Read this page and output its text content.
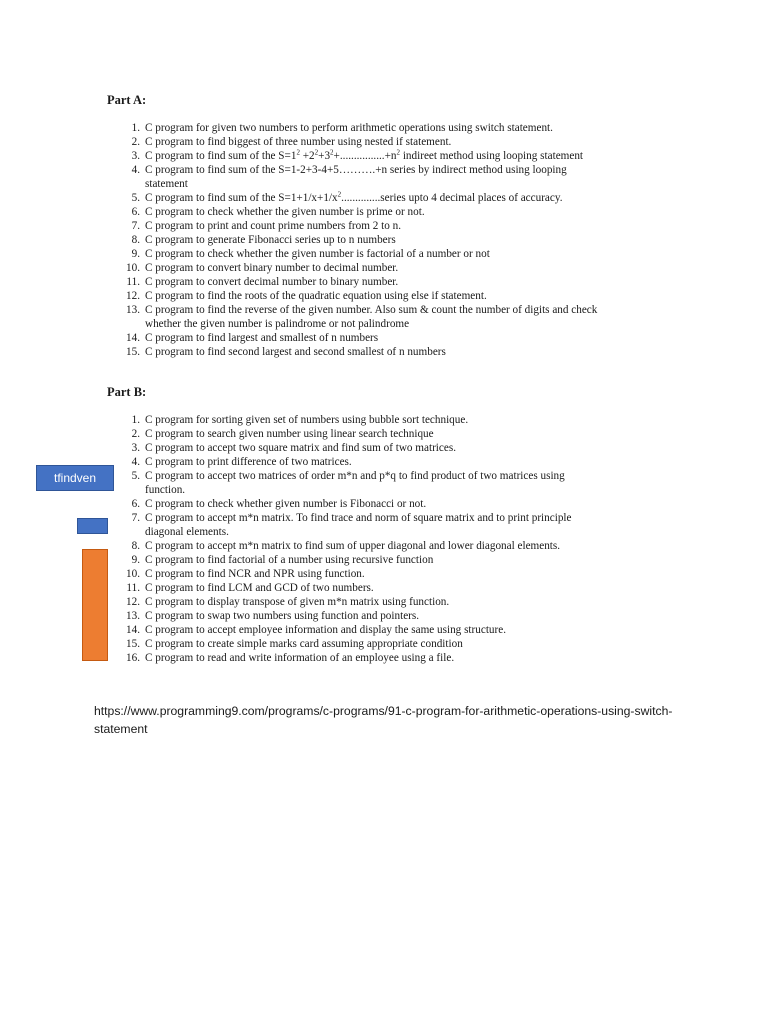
Part A:
1. C program for given two numbers to perform arithmetic operations using switch statement.
2. C program to find biggest of three number using nested if statement.
3. C program to find sum of the $S=1^2 +2^2+3^2+................+n^2$ indireet method using looping statement
4. C program to find sum of the S=1-2+3-4+5……….+n series by indirect method using looping
statement
5. C program to find sum of the $S=1+1/x+1/x^2..............series$ upto 4 decimal places of accuracy.
6. C program to check whether the given number is prime or not.
7. C program to print and count prime numbers from 2 to n.
8. C program to generate Fibonacci series up to n numbers
9. C program to check whether the given number is factorial of a number or not
10. C program to convert binary number to decimal number.
11. C program to convert decimal number to binary number.
12. C program to find the roots of the quadratic equation using else if statement.
13. C program to find the reverse of the given number. Also sum & count the number of digits and check
whether the given number is palindrome or not palindrome
14. C program to find largest and smallest of n numbers
15. C program to find second largest and second smallest of n numbers
Part B:
1. C program for sorting given set of numbers using bubble sort technique.
2. C program to search given number using linear search technique
3. C program to accept two square matrix and find sum of two matrices.
4. C program to print difference of two matrices.
5. C program to accept two matrices of order m*n and p*q to find product of two matrices using
function.
6. C program to check whether given number is Fibonacci or not.
7. C program to accept m*n matrix. To find trace and norm of square matrix and to print principle
diagonal elements.
8. C program to accept m*n matrix to find sum of upper diagonal and lower diagonal elements.
9. C program to find factorial of a number using recursive function
10. C program to find NCR and NPR using function.
11. C program to find LCM and GCD of two numbers.
12. C program to display transpose of given m*n matrix using function.
13. C program to swap two numbers using function and pointers.
14. C program to accept employee information and display the same using structure.
15. C program to create simple marks card assuming appropriate condition
16. C program to read and write information of an employee using a file.
tfindven
https://www.programming9.com/programs/c-programs/91-c-program-for-arithmetic-operations-using-switch-statement
